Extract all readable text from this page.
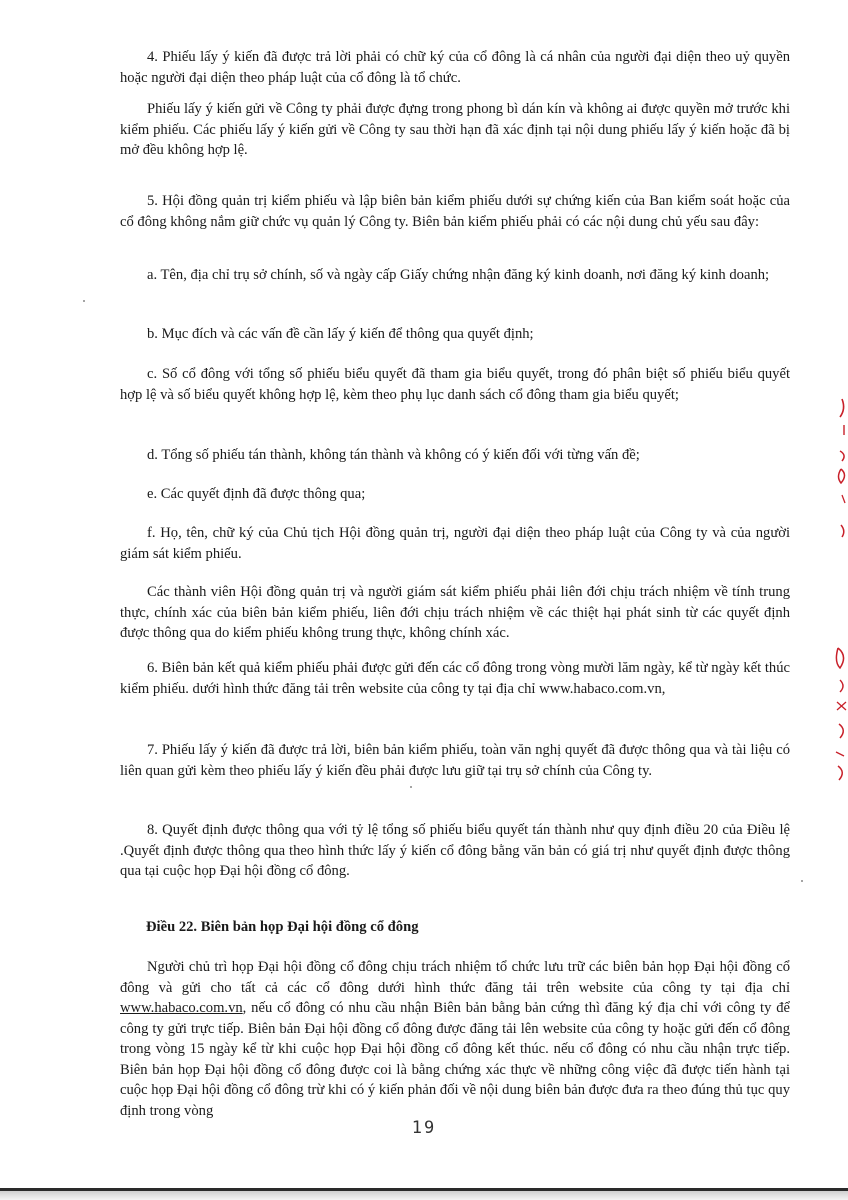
4. Phiếu lấy ý kiến đã được trả lời phải có chữ ký của cổ đông là cá nhân của người đại diện theo uỷ quyền hoặc người đại diện theo pháp luật của cổ đông là tổ chức.

Phiếu lấy ý kiến gửi về Công ty phải được đựng trong phong bì dán kín và không ai được quyền mở trước khi kiểm phiếu. Các phiếu lấy ý kiến gửi về Công ty sau thời hạn đã xác định tại nội dung phiếu lấy ý kiến hoặc đã bị mở đều không hợp lệ.

5. Hội đồng quản trị kiểm phiếu và lập biên bản kiểm phiếu dưới sự chứng kiến của Ban kiểm soát hoặc của cổ đông không nắm giữ chức vụ quản lý Công ty. Biên bản kiểm phiếu phải có các nội dung chủ yếu sau đây:

a. Tên, địa chỉ trụ sở chính, số và ngày cấp Giấy chứng nhận đăng ký kinh doanh, nơi đăng ký kinh doanh;

b. Mục đích và các vấn đề cần lấy ý kiến để thông qua quyết định;

c. Số cổ đông với tổng số phiếu biểu quyết đã tham gia biểu quyết, trong đó phân biệt số phiếu biểu quyết hợp lệ và số biểu quyết không hợp lệ, kèm theo phụ lục danh sách cổ đông tham gia biểu quyết;

d. Tổng số phiếu tán thành, không tán thành và không có ý kiến đối với từng vấn đề;

e. Các quyết định đã được thông qua;

f. Họ, tên, chữ ký của Chủ tịch Hội đồng quản trị, người đại diện theo pháp luật của Công ty và của người giám sát kiểm phiếu.

Các thành viên Hội đồng quản trị và người giám sát kiểm phiếu phải liên đới chịu trách nhiệm về tính trung thực, chính xác của biên bản kiểm phiếu, liên đới chịu trách nhiệm về các thiệt hại phát sinh từ các quyết định được thông qua do kiểm phiếu không trung thực, không chính xác.

6. Biên bản kết quả kiểm phiếu phải được gửi đến các cổ đông trong vòng mười lăm ngày, kể từ ngày kết thúc kiểm phiếu. dưới hình thức đăng tải trên website của công ty tại địa chỉ www.habaco.com.vn,

7. Phiếu lấy ý kiến đã được trả lời, biên bản kiểm phiếu, toàn văn nghị quyết đã được thông qua và tài liệu có liên quan gửi kèm theo phiếu lấy ý kiến đều phải được lưu giữ tại trụ sở chính của Công ty.

8. Quyết định được thông qua với tỷ lệ tổng số phiếu biểu quyết tán thành như quy định điều 20 của Điều lệ .Quyết định được thông qua theo hình thức lấy ý kiến cổ đông bằng văn bản có giá trị như quyết định được thông qua tại cuộc họp Đại hội đồng cổ đông.

Điều 22. Biên bản họp Đại hội đồng cổ đông

Người chủ trì họp Đại hội đồng cổ đông chịu trách nhiệm tổ chức lưu trữ các biên bản họp Đại hội đồng cổ đông và gửi cho tất cả các cổ đông dưới hình thức đăng tải trên website của công ty tại địa chỉ www.habaco.com.vn, nếu cổ đông có nhu cầu nhận Biên bản bằng bản cứng thì đăng ký địa chỉ với công ty để công ty gửi trực tiếp. Biên bản Đại hội đồng cổ đông được đăng tải lên website của công ty hoặc gửi đến cổ đông trong vòng 15 ngày kể từ khi cuộc họp Đại hội đồng cổ đông kết thúc. nếu cổ đông có nhu cầu nhận trực tiếp. Biên bản họp Đại hội đồng cổ đông được coi là bằng chứng xác thực về những công việc đã được tiến hành tại cuộc họp Đại hội đồng cổ đông trừ khi có ý kiến phản đối về nội dung biên bản được đưa ra theo đúng thủ tục quy định trong vòng

19
